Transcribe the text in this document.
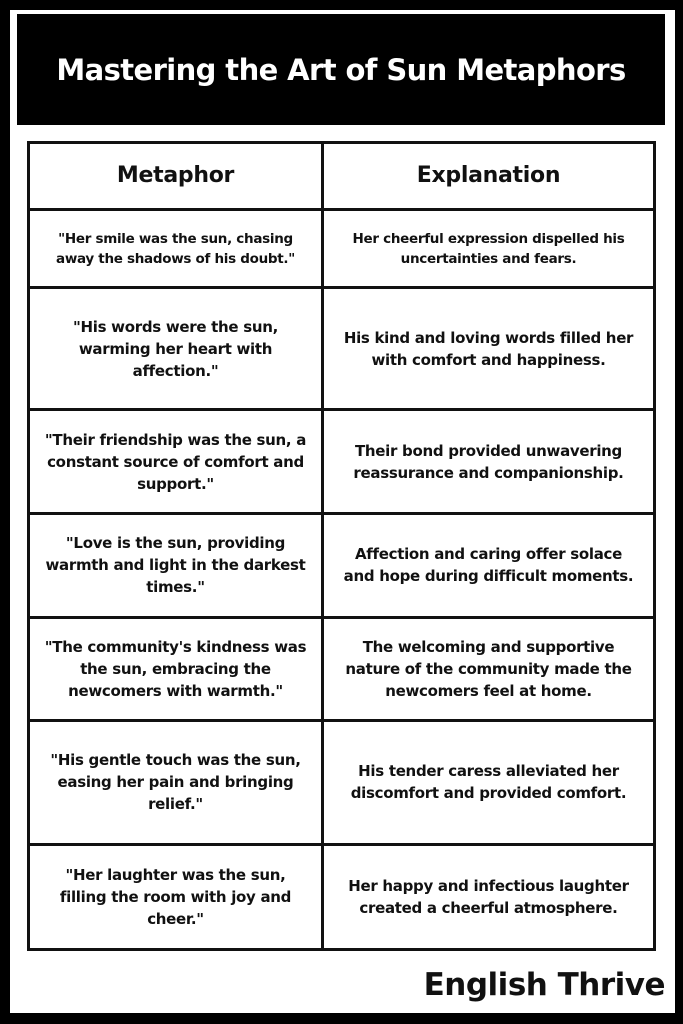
Mastering the Art of Sun Metaphors
Metaphor	Explanation
"Her smile was the sun, chasing away the shadows of his doubt."	Her cheerful expression dispelled his uncertainties and fears.
"His words were the sun, warming her heart with affection."	His kind and loving words filled her with comfort and happiness.
"Their friendship was the sun, a constant source of comfort and support."	Their bond provided unwavering reassurance and companionship.
"Love is the sun, providing warmth and light in the darkest times."	Affection and caring offer solace and hope during difficult moments.
"The community's kindness was the sun, embracing the newcomers with warmth."	The welcoming and supportive nature of the community made the newcomers feel at home.
"His gentle touch was the sun, easing her pain and bringing relief."	His tender caress alleviated her discomfort and provided comfort.
"Her laughter was the sun, filling the room with joy and cheer."	Her happy and infectious laughter created a cheerful atmosphere.
English Thrive
